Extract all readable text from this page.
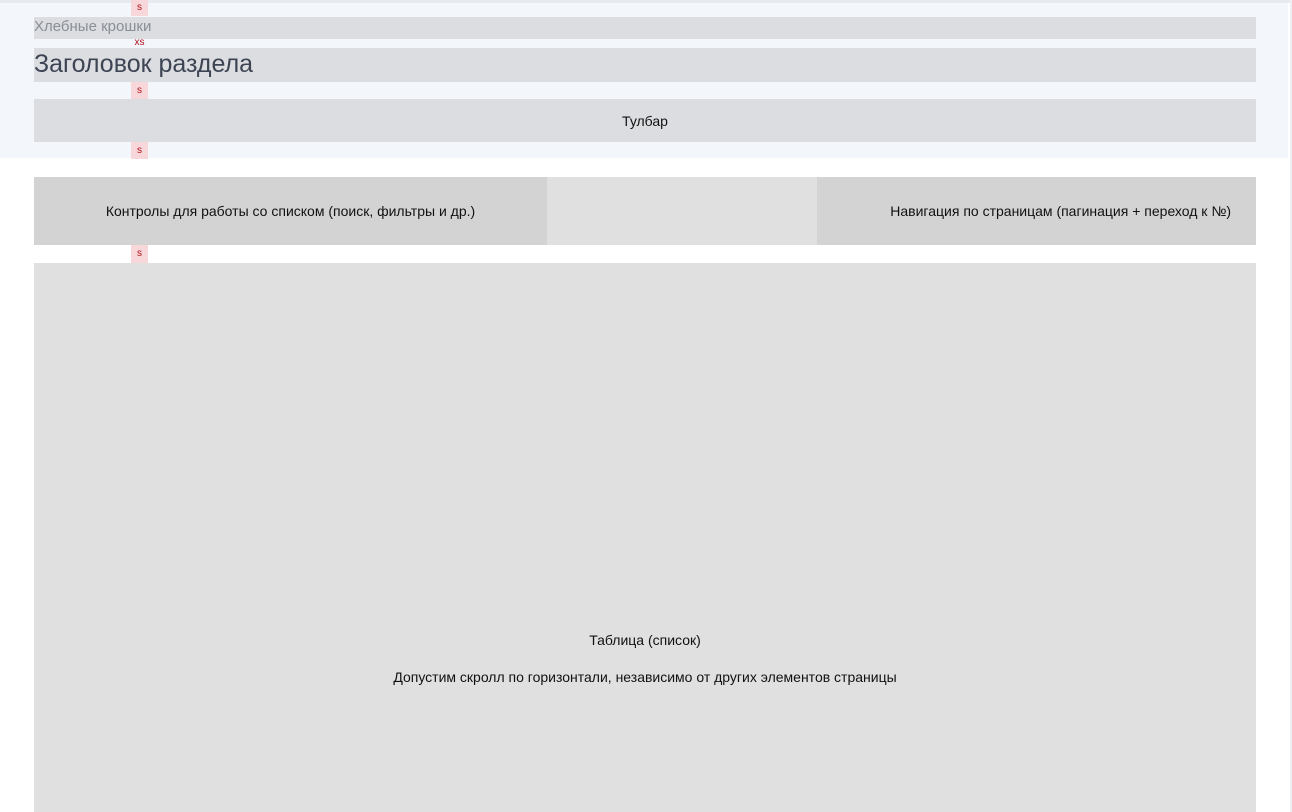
s
Хлебные крошки
xs
Заголовок раздела
s
Тулбар
s
Контролы для работы со списком (поиск, фильтры и др.)	Навигация по страницам (пагинация + переход к №)
s
Таблица (список)
Допустим скролл по горизонтали, независимо от других элементов страницы
